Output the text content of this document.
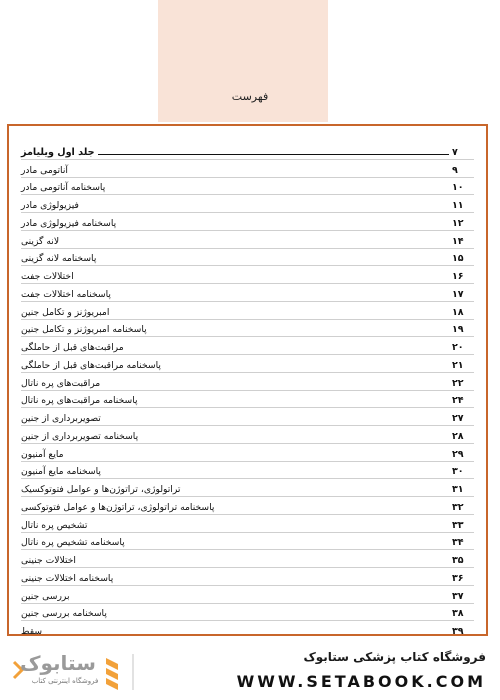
فهرست
جلد اول ویلیامز	۷
آناتومی مادر	۹
پاسخنامه آناتومی مادر	۱۰
فیزیولوژی مادر	۱۱
پاسخنامه فیزیولوژی مادر	۱۲
لانه گزینی	۱۴
پاسخنامه لانه گزینی	۱۵
اختلالات جفت	۱۶
پاسخنامه اختلالات جفت	۱۷
امبریوژنز و تکامل جنین	۱۸
پاسخنامه امبریوژنز و تکامل جنین	۱۹
مراقبت‌های قبل از حاملگی	۲۰
پاسخنامه مراقبت‌های قبل از حاملگی	۲۱
مراقبت‌های پره ناتال	۲۲
پاسخنامه مراقبت‌های پره ناتال	۲۴
تصویربرداری از جنین	۲۷
پاسخنامه تصویربرداری از جنین	۲۸
مایع آمنیون	۲۹
پاسخنامه مایع آمنیون	۳۰
تراتولوژی، تراتوژن‌ها و عوامل فتوتوکسیک	۳۱
پاسخنامه تراتولوژی، تراتوژن‌ها و عوامل فتوتوکسی	۳۲
تشخیص پره ناتال	۳۳
پاسخنامه تشخیص پره ناتال	۳۴
اختلالات جنینی	۳۵
پاسخنامه اختلالات جنینی	۳۶
بررسی جنین	۳۷
پاسخنامه بررسی جنین	۳۸
سقط	۳۹
ستابوک
فروشگاه اینترنتی کتاب
فروشگاه کتاب پزشکی ستابوک
WWW.SETABOOK.COM
